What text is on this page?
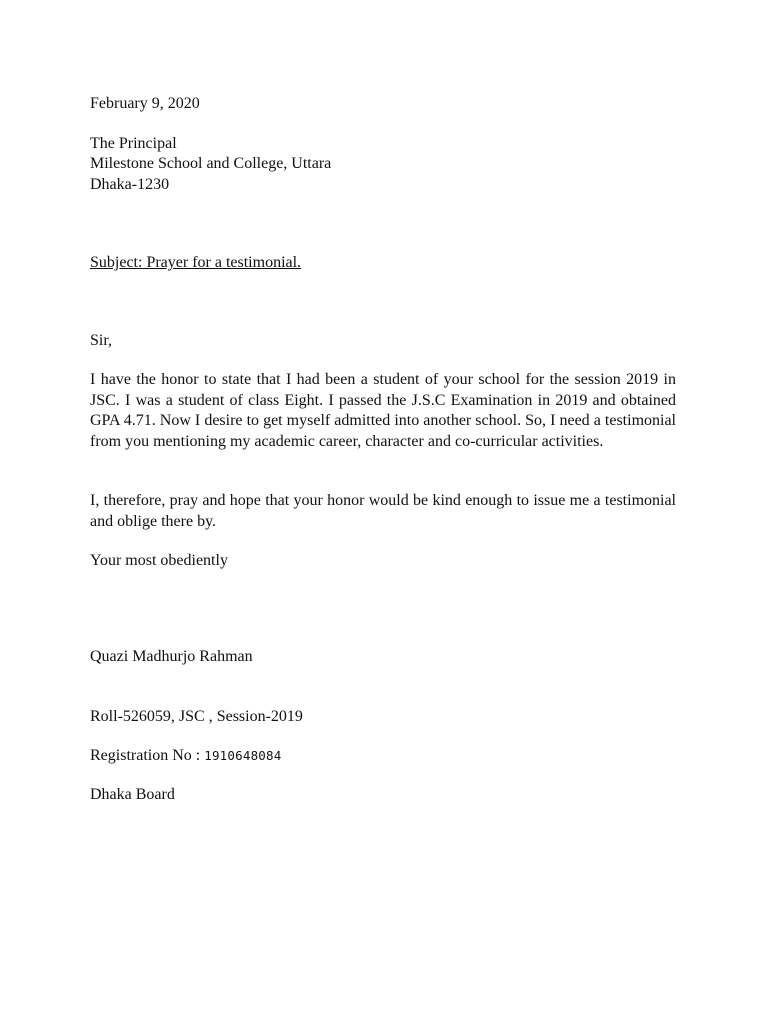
February 9, 2020
The Principal
Milestone School and College, Uttara
Dhaka-1230
Subject: Prayer for a testimonial.
Sir,
I have the honor to state that I had been a student of your school for the session 2019 in JSC. I was a student of class Eight. I passed the J.S.C Examination in 2019 and obtained GPA 4.71. Now I desire to get myself admitted into another school. So, I need a testimonial from you mentioning my academic career, character and co-curricular activities.
I, therefore, pray and hope that your honor would be kind enough to issue me a testimonial and oblige there by.
Your most obediently
Quazi Madhurjo Rahman
Roll-526059, JSC , Session-2019
Registration No : 1910648084
Dhaka Board
